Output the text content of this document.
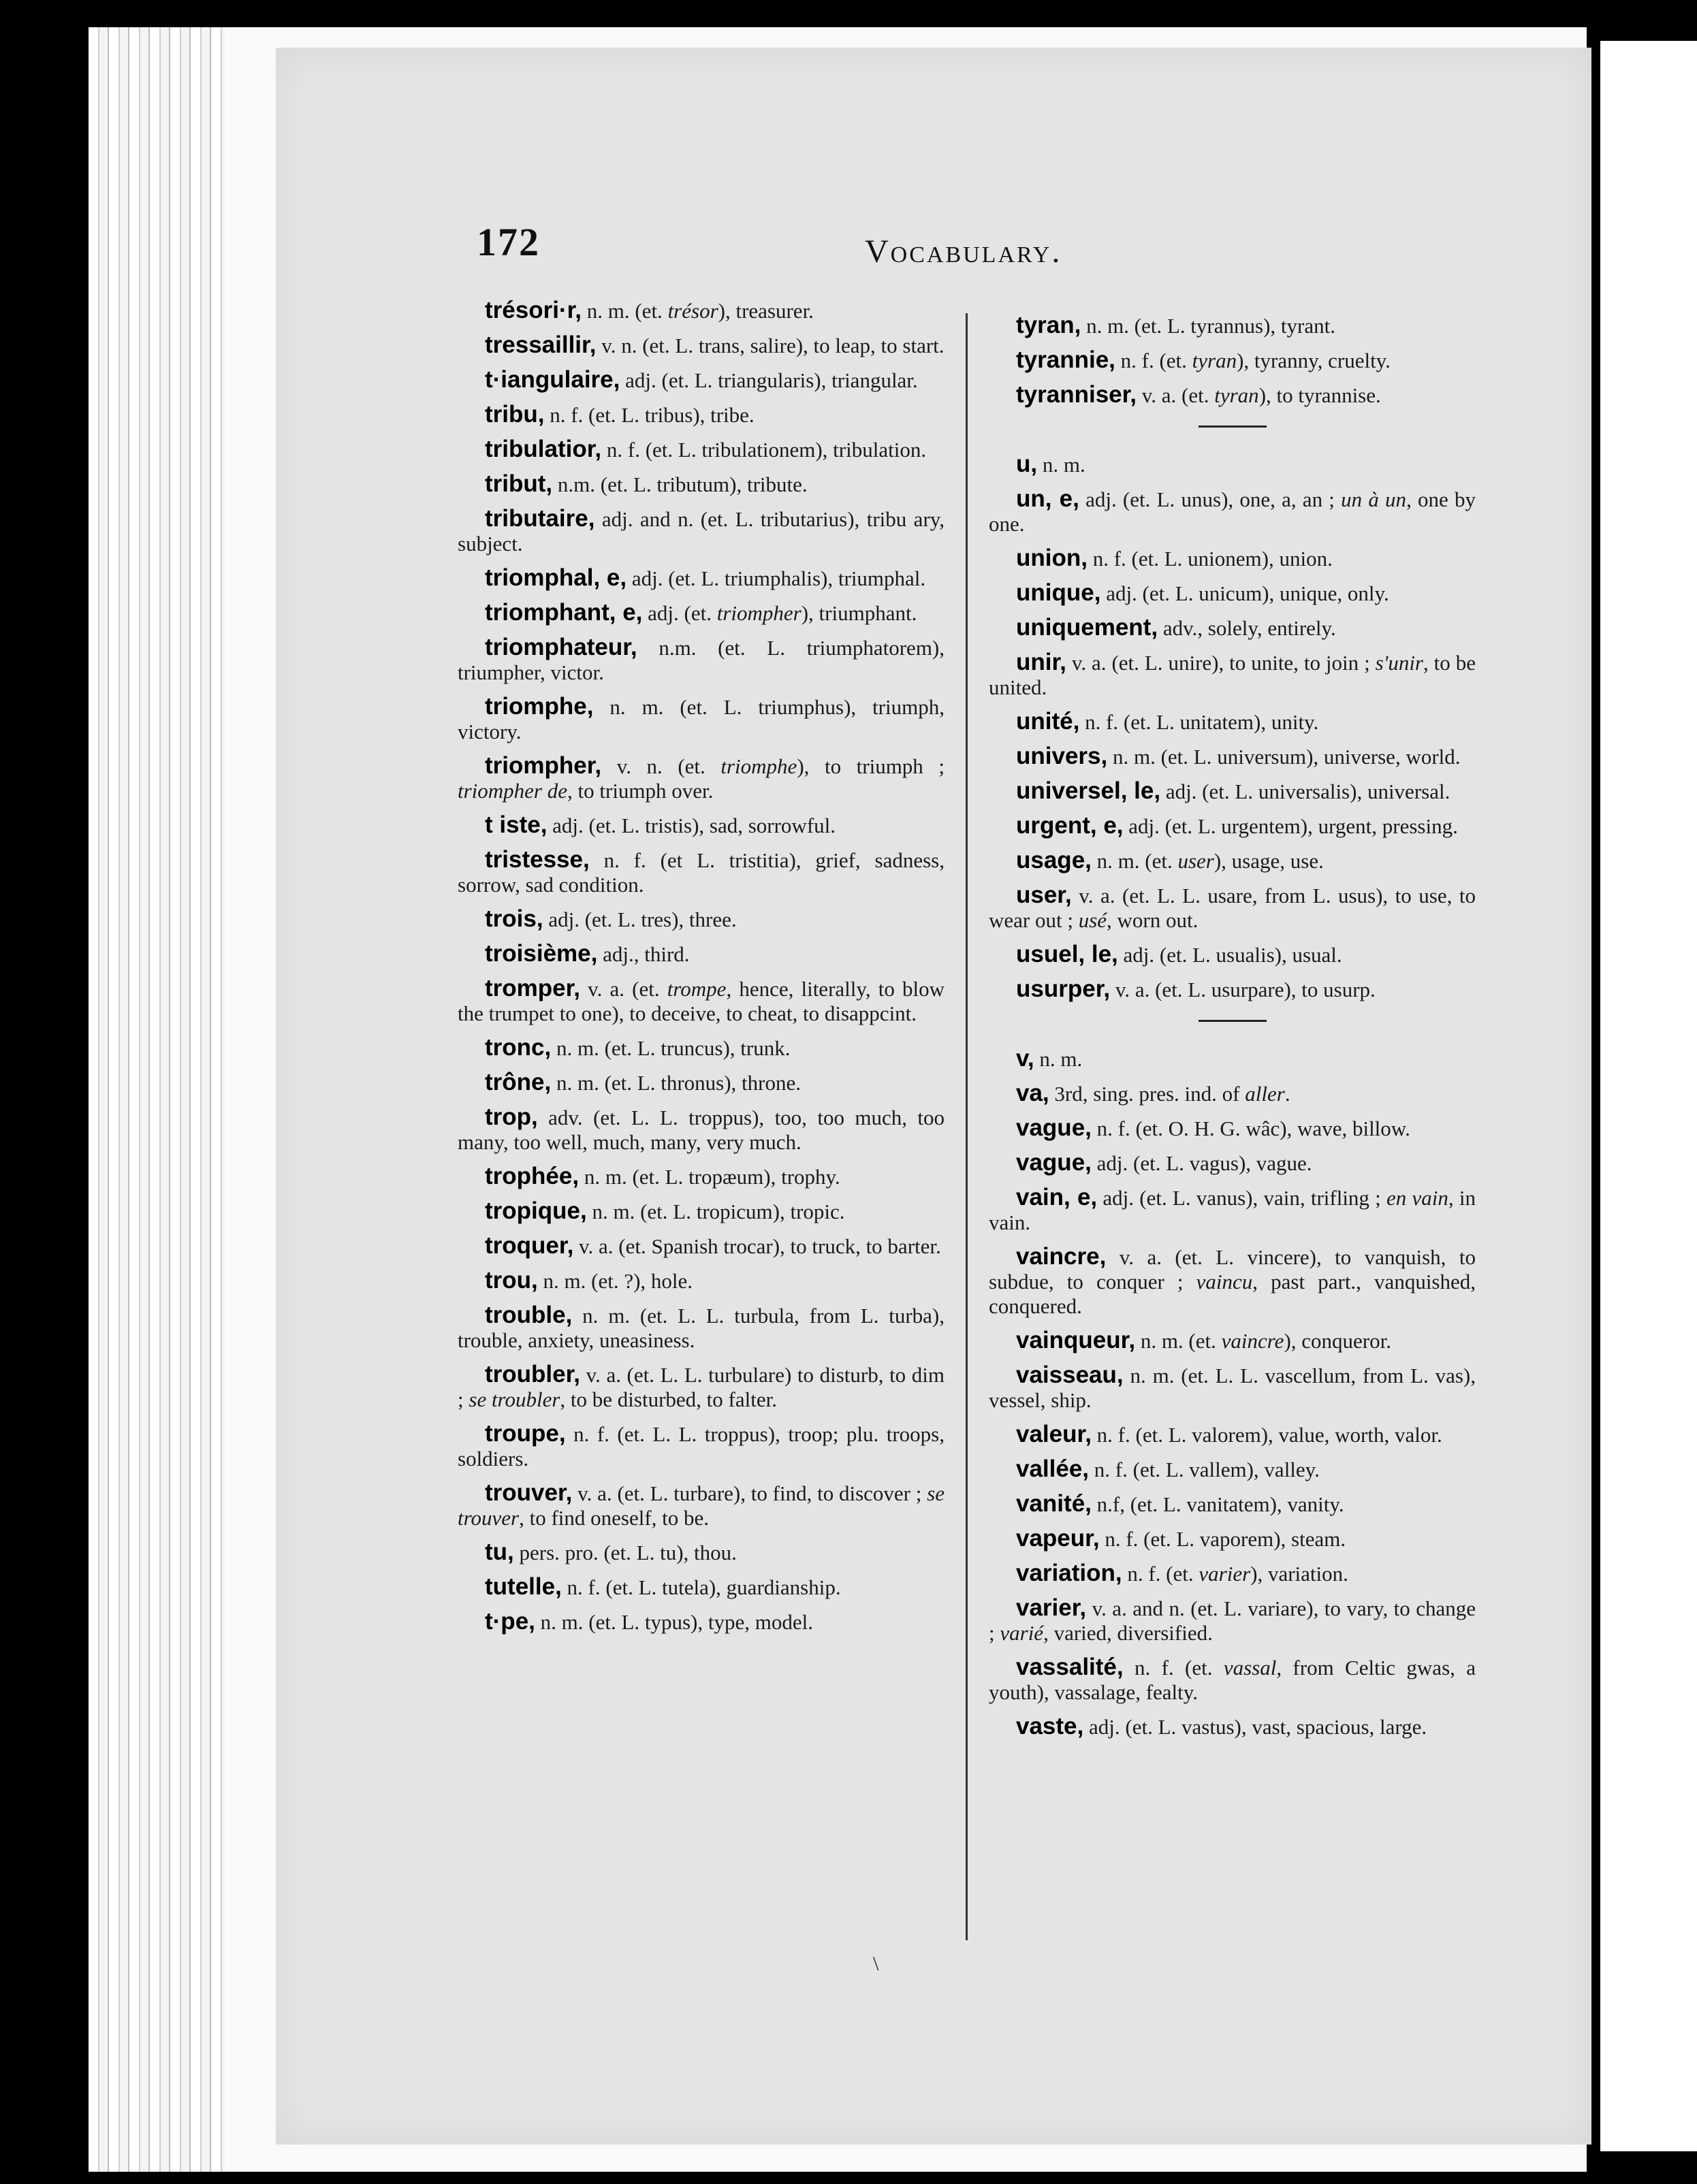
172	Vocabulary.
trésori·r, n. m. (et. trésor), treasurer.
tressaillir, v. n. (et. L. trans, salire), to leap, to start.
t·iangulaire, adj. (et. L. triangularis), triangular.
tribu, n. f. (et. L. tribus), tribe.
tribulatior, n. f. (et. L. tribulationem), tribulation.
tribut, n.m. (et. L. tributum), tribute.
tributaire, adj. and n. (et. L. tributarius), tribu ary, subject.
triomphal, e, adj. (et. L. triumphalis), triumphal.
triomphant, e, adj. (et. triompher), triumphant.
triomphateur, n.m. (et. L. triumphatorem), triumpher, victor.
triomphe, n. m. (et. L. triumphus), triumph, victory.
triompher, v. n. (et. triomphe), to triumph ; triompher de, to triumph over.
t iste, adj. (et. L. tristis), sad, sorrowful.
tristesse, n. f. (et L. tristitia), grief, sadness, sorrow, sad condition.
trois, adj. (et. L. tres), three.
troisième, adj., third.
tromper, v. a. (et. trompe, hence, literally, to blow the trumpet to one), to deceive, to cheat, to disappcint.
tronc, n. m. (et. L. truncus), trunk.
trône, n. m. (et. L. thronus), throne.
trop, adv. (et. L. L. troppus), too, too much, too many, too well, much, many, very much.
trophée, n. m. (et. L. tropæum), trophy.
tropique, n. m. (et. L. tropicum), tropic.
troquer, v. a. (et. Spanish trocar), to truck, to barter.
trou, n. m. (et. ?), hole.
trouble, n. m. (et. L. L. turbula, from L. turba), trouble, anxiety, uneasiness.
troubler, v. a. (et. L. L. turbulare) to disturb, to dim ; se troubler, to be disturbed, to falter.
troupe, n. f. (et. L. L. troppus), troop; plu. troops, soldiers.
trouver, v. a. (et. L. turbare), to find, to discover ; se trouver, to find oneself, to be.
tu, pers. pro. (et. L. tu), thou.
tutelle, n. f. (et. L. tutela), guardianship.
t·pe, n. m. (et. L. typus), type, model.
tyran, n. m. (et. L. tyrannus), tyrant.
tyrannie, n. f. (et. tyran), tyranny, cruelty.
tyranniser, v. a. (et. tyran), to tyrannise.
u, n. m.
un, e, adj. (et. L. unus), one, a, an ; un à un, one by one.
union, n. f. (et. L. unionem), union.
unique, adj. (et. L. unicum), unique, only.
uniquement, adv., solely, entirely.
unir, v. a. (et. L. unire), to unite, to join ; s'unir, to be united.
unité, n. f. (et. L. unitatem), unity.
univers, n. m. (et. L. universum), universe, world.
universel, le, adj. (et. L. universalis), universal.
urgent, e, adj. (et. L. urgentem), urgent, pressing.
usage, n. m. (et. user), usage, use.
user, v. a. (et. L. L. usare, from L. usus), to use, to wear out ; usé, worn out.
usuel, le, adj. (et. L. usualis), usual.
usurper, v. a. (et. L. usurpare), to usurp.
v, n. m.
va, 3rd, sing. pres. ind. of aller.
vague, n. f. (et. O. H. G. wâc), wave, billow.
vague, adj. (et. L. vagus), vague.
vain, e, adj. (et. L. vanus), vain, trifling ; en vain, in vain.
vaincre, v. a. (et. L. vincere), to vanquish, to subdue, to conquer ; vaincu, past part., vanquished, conquered.
vainqueur, n. m. (et. vaincre), conqueror.
vaisseau, n. m. (et. L. L. vascellum, from L. vas), vessel, ship.
valeur, n. f. (et. L. valorem), value, worth, valor.
vallée, n. f. (et. L. vallem), valley.
vanité, n.f, (et. L. vanitatem), vanity.
vapeur, n. f. (et. L. vaporem), steam.
variation, n. f. (et. varier), variation.
varier, v. a. and n. (et. L. variare), to vary, to change ; varié, varied, diversified.
vassalité, n. f. (et. vassal, from Celtic gwas, a youth), vassalage, fealty.
vaste, adj. (et. L. vastus), vast, spacious, large.
\
